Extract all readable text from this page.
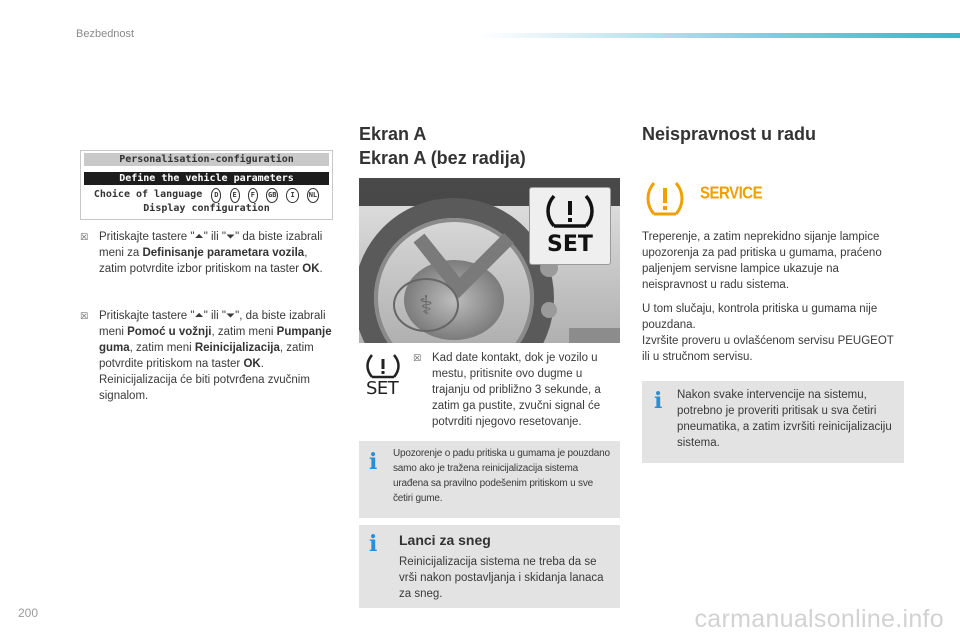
Bezbednost
Personalisation-configuration
Define the vehicle parameters
Choice of language D E F GB I NL
Display configuration
☒ Pritiskajte tastere "⏶" ili "⏷" da biste izabrali meni za Definisanje parametara vozila, zatim potvrdite izbor pritiskom na taster OK.
☒ Pritiskajte tastere "⏶" ili "⏷", da biste izabrali meni Pomoć u vožnji, zatim meni Pumpanje guma, zatim meni Reinicijalizacija, zatim potvrdite pritiskom na taster OK.
Reinicijalizacija će biti potvrđena zvučnim signalom.
Ekran A
Ekran A (bez radija)
SET
⚕
SET
☒ Kad date kontakt, dok je vozilo u mestu, pritisnite ovo dugme u trajanju od približno 3 sekunde, a zatim ga pustite, zvučni signal će potvrditi njegovo resetovanje.
i Upozorenje o padu pritiska u gumama je pouzdano samo ako je tražena reinicijalizacija sistema urađena sa pravilno podešenim pritiskom u sve četiri gume.
i Lanci za sneg
Reinicijalizacija sistema ne treba da se vrši nakon postavljanja i skidanja lanaca za sneg.
Neispravnost u radu
SERVICE
Treperenje, a zatim neprekidno sijanje lampice upozorenja za pad pritiska u gumama, praćeno paljenjem servisne lampice ukazuje na neispravnost u radu sistema.
U tom slučaju, kontrola pritiska u gumama nije pouzdana.
Izvršite proveru u ovlašćenom servisu PEUGEOT ili u stručnom servisu.
i Nakon svake intervencije na sistemu, potrebno je proveriti pritisak u sva četiri pneumatika, a zatim izvršiti reinicijalizaciju sistema.
200	carmanualsonline.info
